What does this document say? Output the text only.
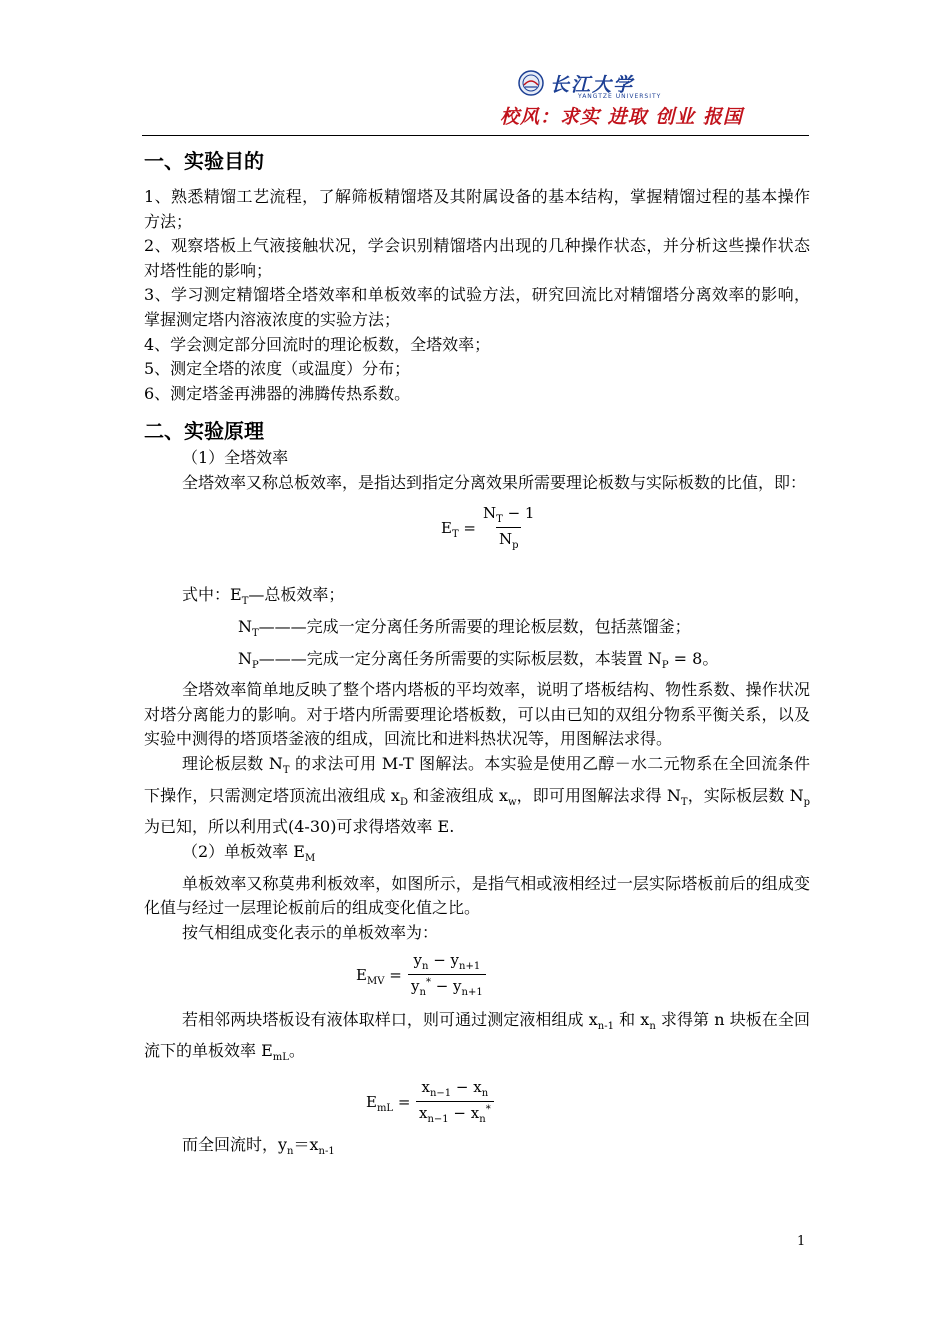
长江大学
YANGTZE UNIVERSITY
校风：求实 进取 创业 报国
一、实验目的

1、熟悉精馏工艺流程，了解筛板精馏塔及其附属设备的基本结构，掌握精馏过程的基本操作方法；

2、观察塔板上气液接触状况，学会识别精馏塔内出现的几种操作状态，并分析这些操作状态对塔性能的影响；

3、学习测定精馏塔全塔效率和单板效率的试验方法，研究回流比对精馏塔分离效率的影响，掌握测定塔内溶液浓度的实验方法；

4、学会测定部分回流时的理论板数，全塔效率；

5、测定全塔的浓度（或温度）分布；

6、测定塔釜再沸器的沸腾传热系数。

二、实验原理

（1）全塔效率

全塔效率又称总板效率，是指达到指定分离效果所需要理论板数与实际板数的比值，即：

$E_T = \frac{N_T - 1}{N_p}$

式中：$E_T—$总板效率；

$N_T———$完成一定分离任务所需要的理论板层数，包括蒸馏釜；

$N_P———$完成一定分离任务所需要的实际板层数，本装置 $N_P = 8$。

全塔效率简单地反映了整个塔内塔板的平均效率，说明了塔板结构、物性系数、操作状况对塔分离能力的影响。对于塔内所需要理论塔板数，可以由已知的双组分物系平衡关系，以及实验中测得的塔顶塔釜液的组成，回流比和进料热状况等，用图解法求得。

理论板层数 $N_T$ 的求法可用 M-T 图解法。本实验是使用乙醇－水二元物系在全回流条件下操作，只需测定塔顶流出液组成 $x_D$ 和釜液组成 $x_w$，即可用图解法求得 $N_T$，实际板层数 $N_p$ 为已知，所以利用式(4-30)可求得塔效率 E.

（2）单板效率 $E_M$

单板效率又称莫弗利板效率，如图所示，是指气相或液相经过一层实际塔板前后的组成变化值与经过一层理论板前后的组成变化值之比。

按气相组成变化表示的单板效率为：

$E_{MV} = \frac{y_n - y_{n+1}}{y_n^* - y_{n+1}}$

若相邻两块塔板设有液体取样口，则可通过测定液相组成 $x_{n-1}$ 和 $x_n$ 求得第 n 块板在全回流下的单板效率 $E_{mL}$。

$E_{mL} = \frac{x_{n-1} - x_n}{x_{n-1} - x_n^*}$

而全回流时，$y_n=x_{n-1}$

1
